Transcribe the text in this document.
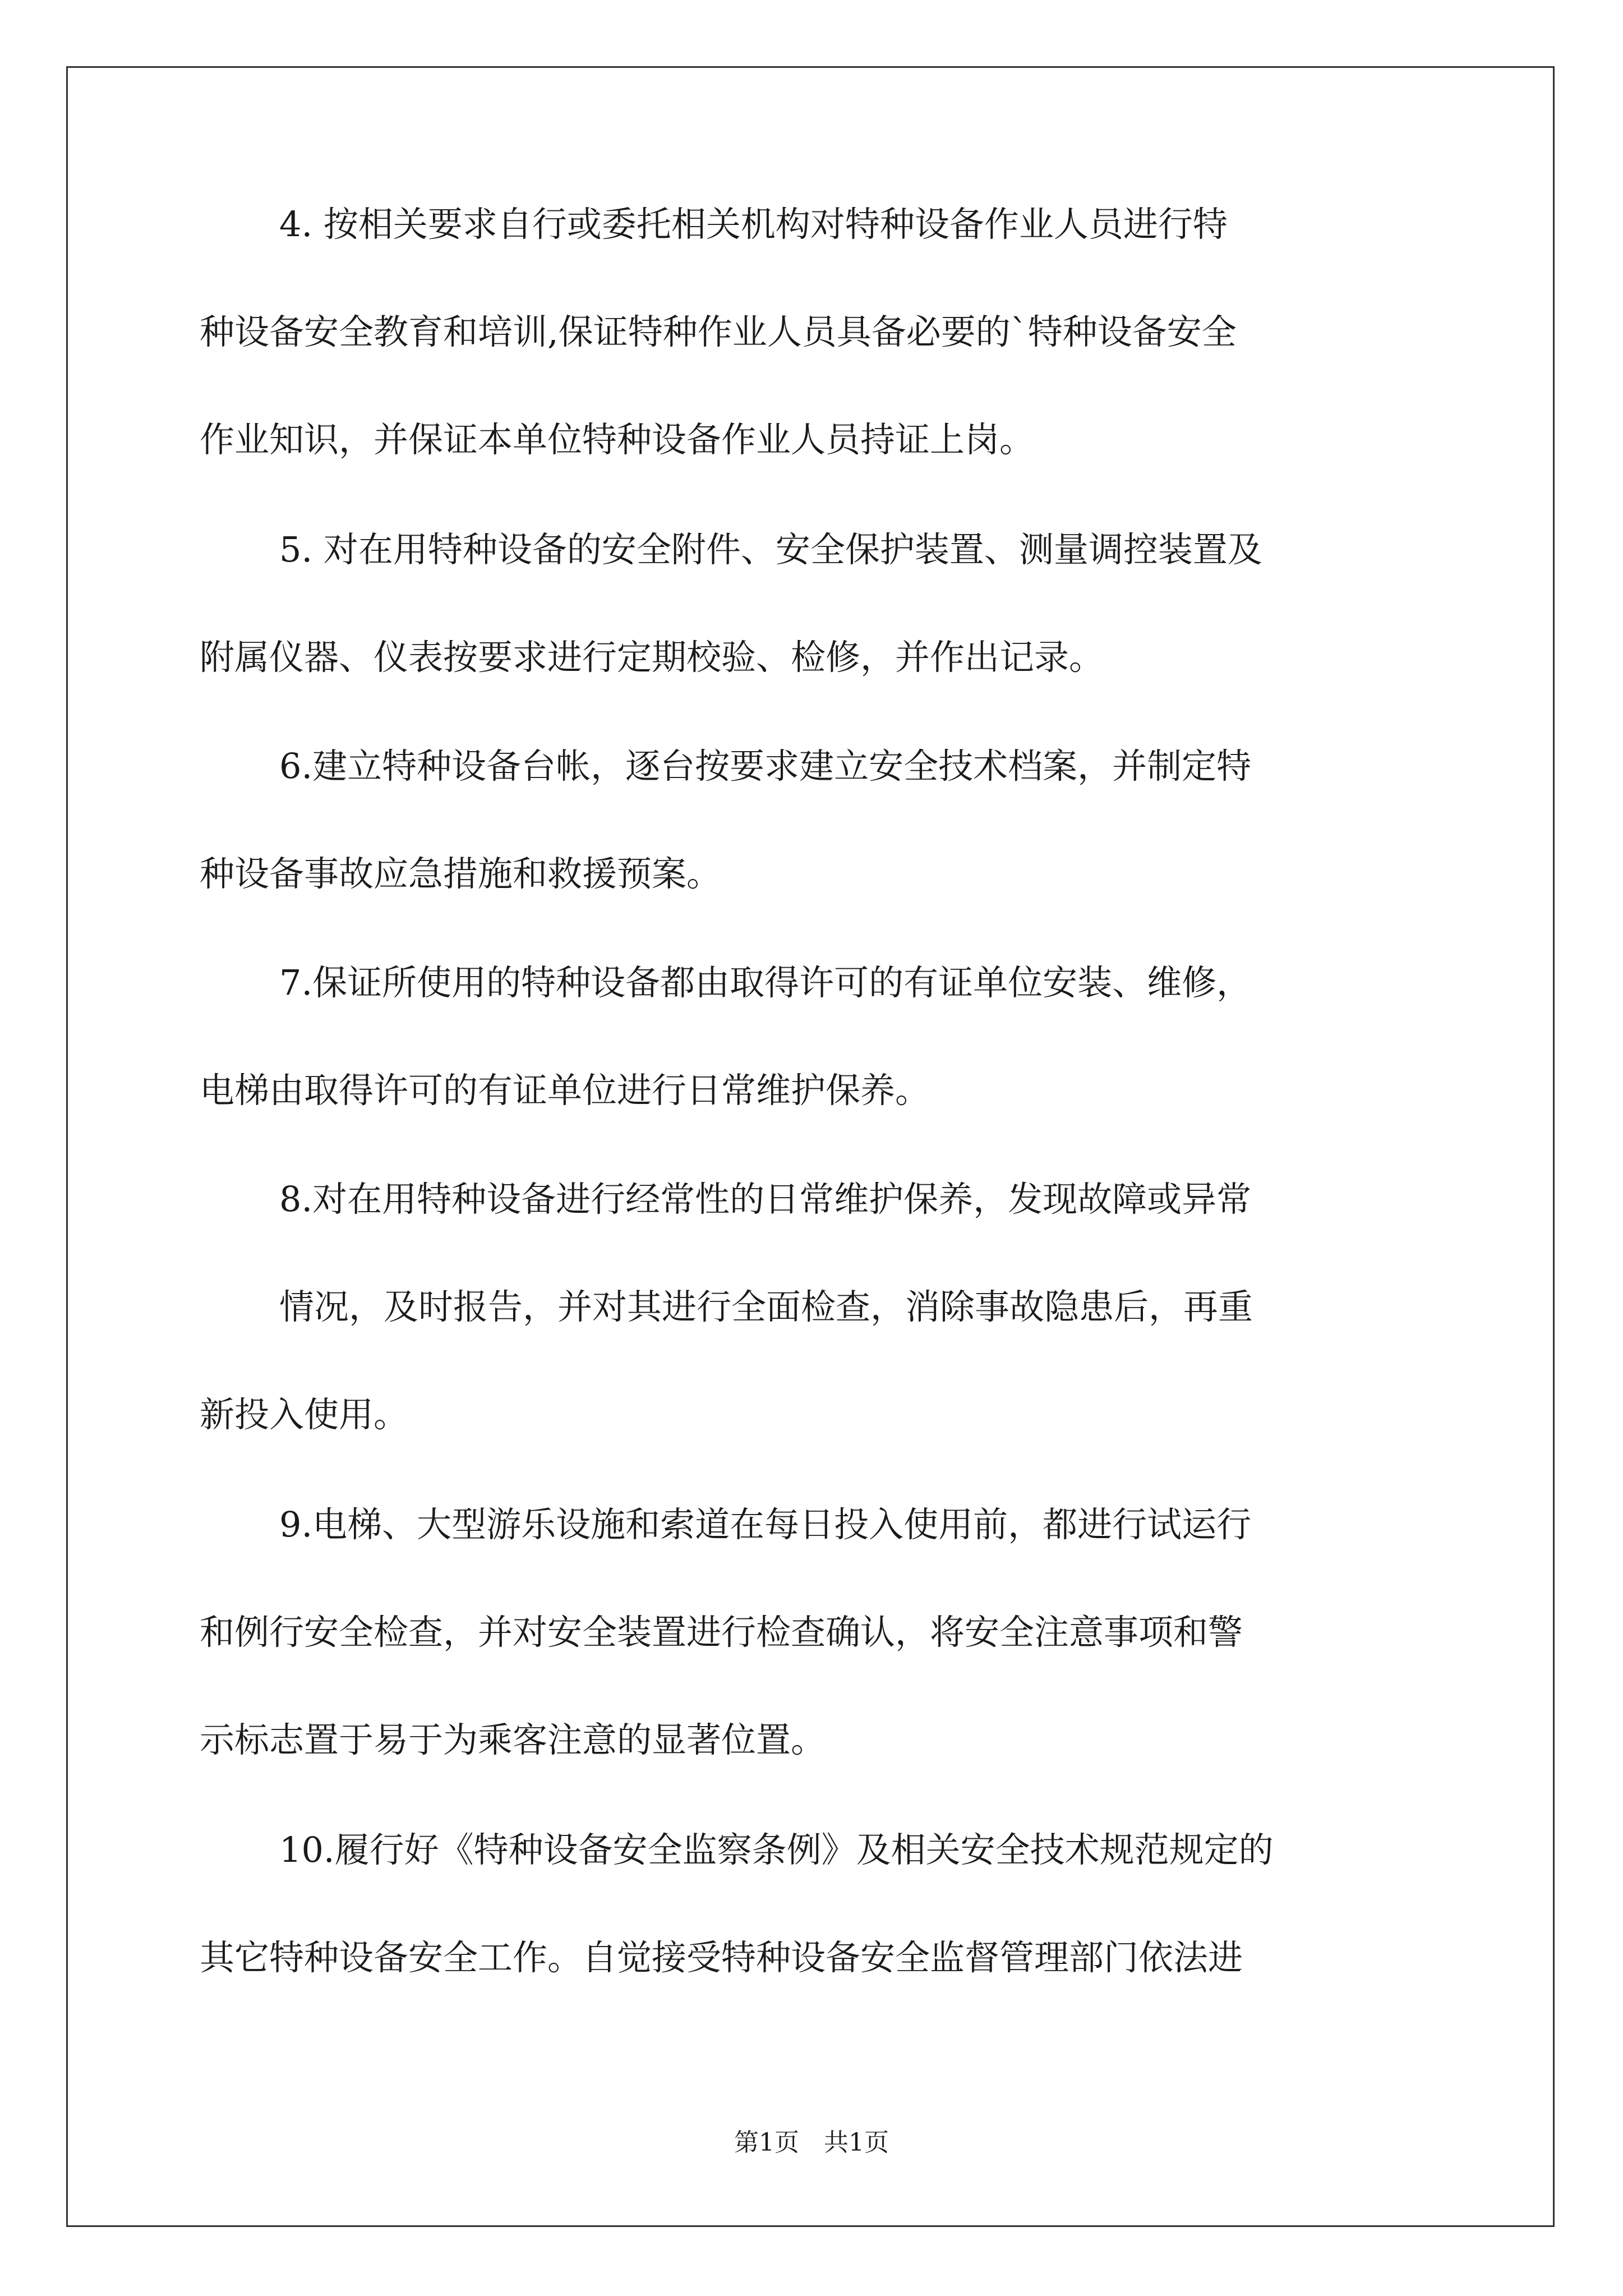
4. 按相关要求自行或委托相关机构对特种设备作业人员进行特
种设备安全教育和培训,保证特种作业人员具备必要的`特种设备安全
作业知识，并保证本单位特种设备作业人员持证上岗。
5. 对在用特种设备的安全附件、安全保护装置、测量调控装置及
附属仪器、仪表按要求进行定期校验、检修，并作出记录。
6.建立特种设备台帐，逐台按要求建立安全技术档案，并制定特
种设备事故应急措施和救援预案。
7.保证所使用的特种设备都由取得许可的有证单位安装、维修，
电梯由取得许可的有证单位进行日常维护保养。
8.对在用特种设备进行经常性的日常维护保养，发现故障或异常
情况，及时报告，并对其进行全面检查，消除事故隐患后，再重
新投入使用。
9.电梯、大型游乐设施和索道在每日投入使用前，都进行试运行
和例行安全检查，并对安全装置进行检查确认，将安全注意事项和警
示标志置于易于为乘客注意的显著位置。
10.履行好《特种设备安全监察条例》及相关安全技术规范规定的
其它特种设备安全工作。自觉接受特种设备安全监督管理部门依法进
第1页 共1页
